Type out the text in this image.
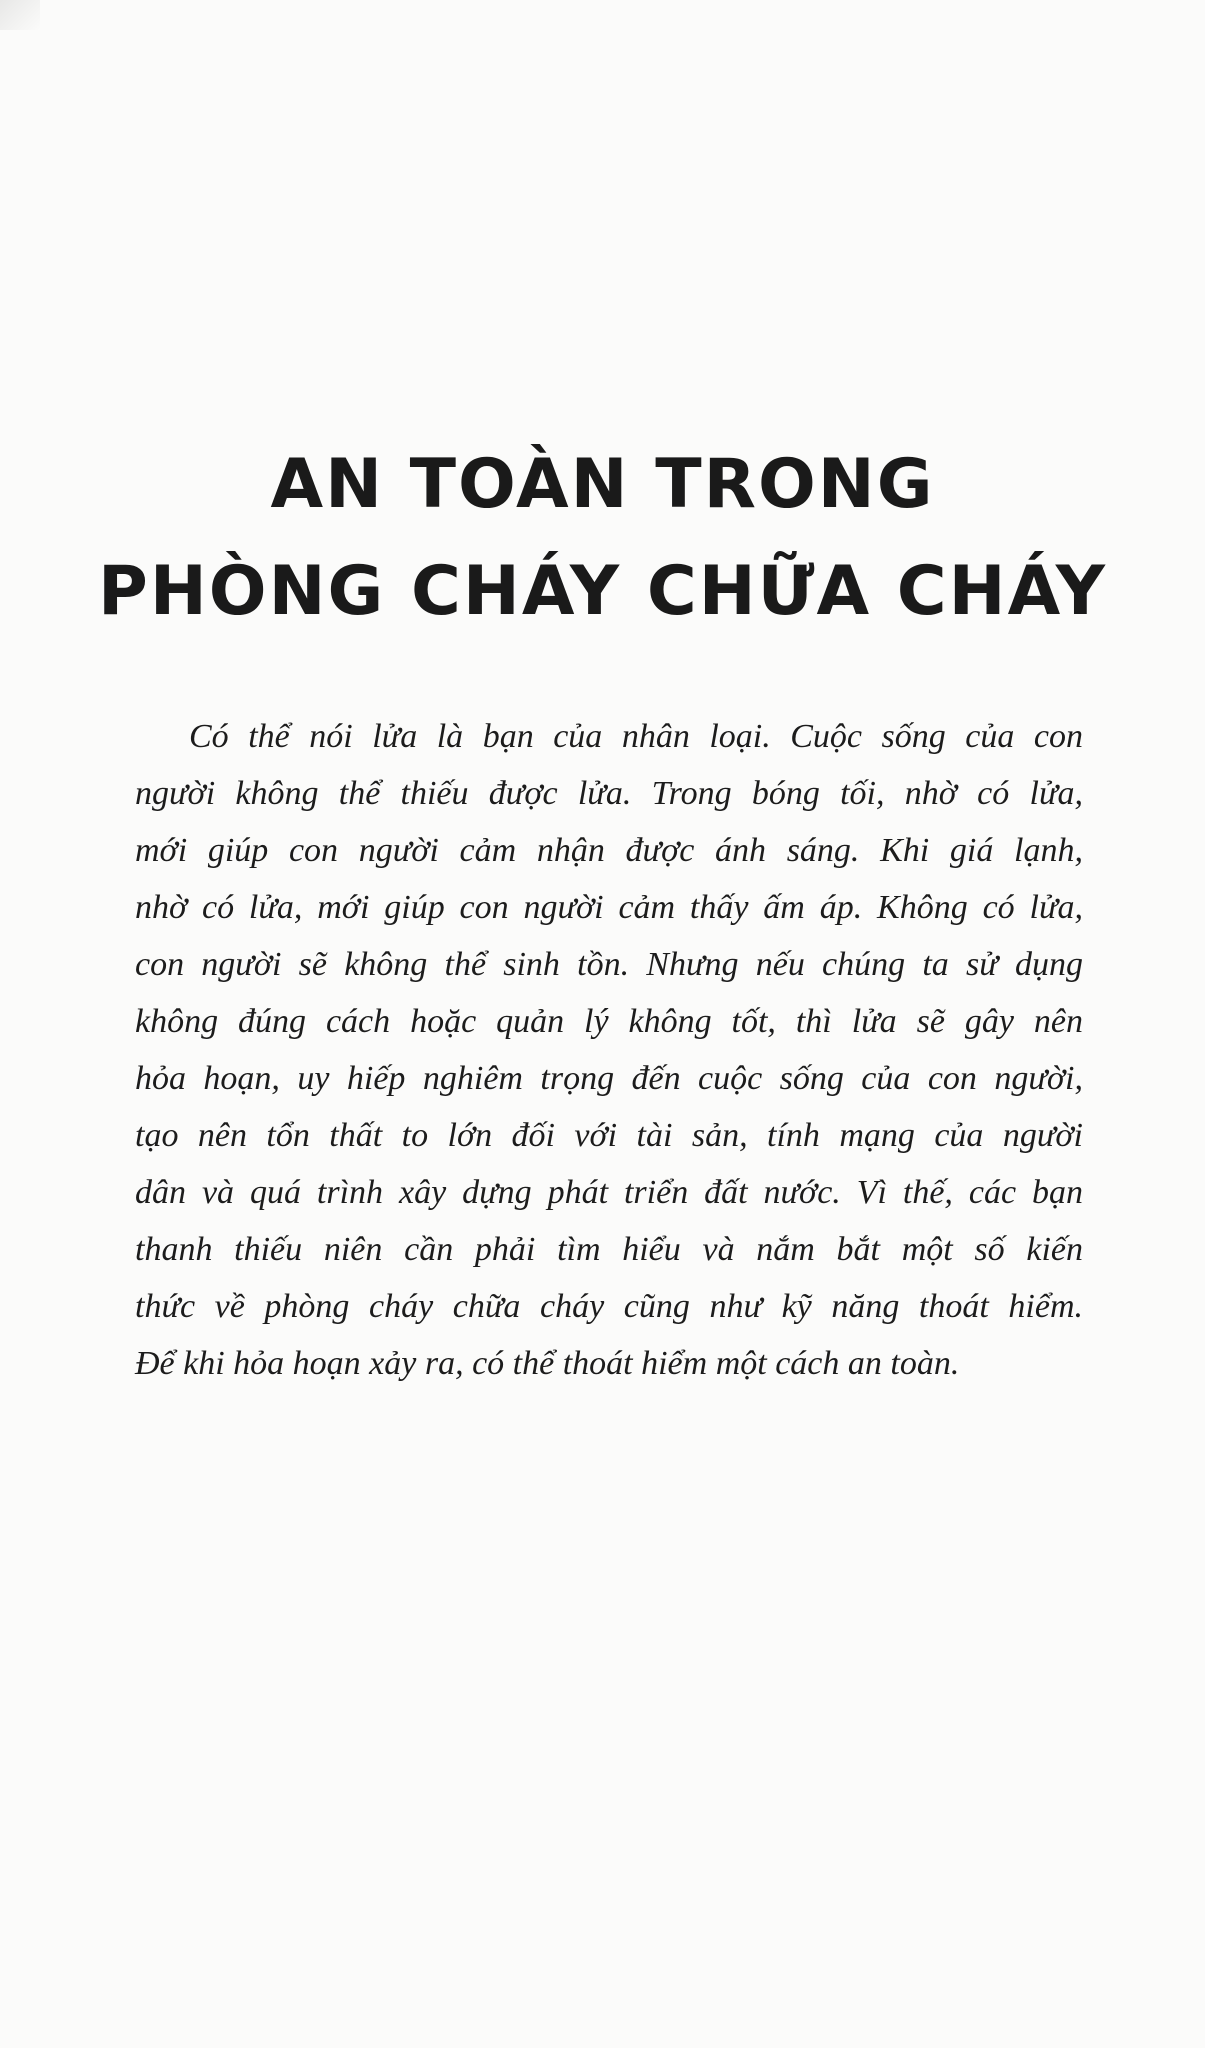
AN TOÀN TRONG
PHÒNG CHÁY CHỮA CHÁY
Có thể nói lửa là bạn của nhân loại. Cuộc sống của con
người không thể thiếu được lửa. Trong bóng tối, nhờ có lửa,
mới giúp con người cảm nhận được ánh sáng. Khi giá lạnh,
nhờ có lửa, mới giúp con người cảm thấy ấm áp. Không có lửa,
con người sẽ không thể sinh tồn. Nhưng nếu chúng ta sử dụng
không đúng cách hoặc quản lý không tốt, thì lửa sẽ gây nên
hỏa hoạn, uy hiếp nghiêm trọng đến cuộc sống của con người,
tạo nên tổn thất to lớn đối với tài sản, tính mạng của người
dân và quá trình xây dựng phát triển đất nước. Vì thế, các bạn
thanh thiếu niên cần phải tìm hiểu và nắm bắt một số kiến
thức về phòng cháy chữa cháy cũng như kỹ năng thoát hiểm.
Để khi hỏa hoạn xảy ra, có thể thoát hiểm một cách an toàn.
